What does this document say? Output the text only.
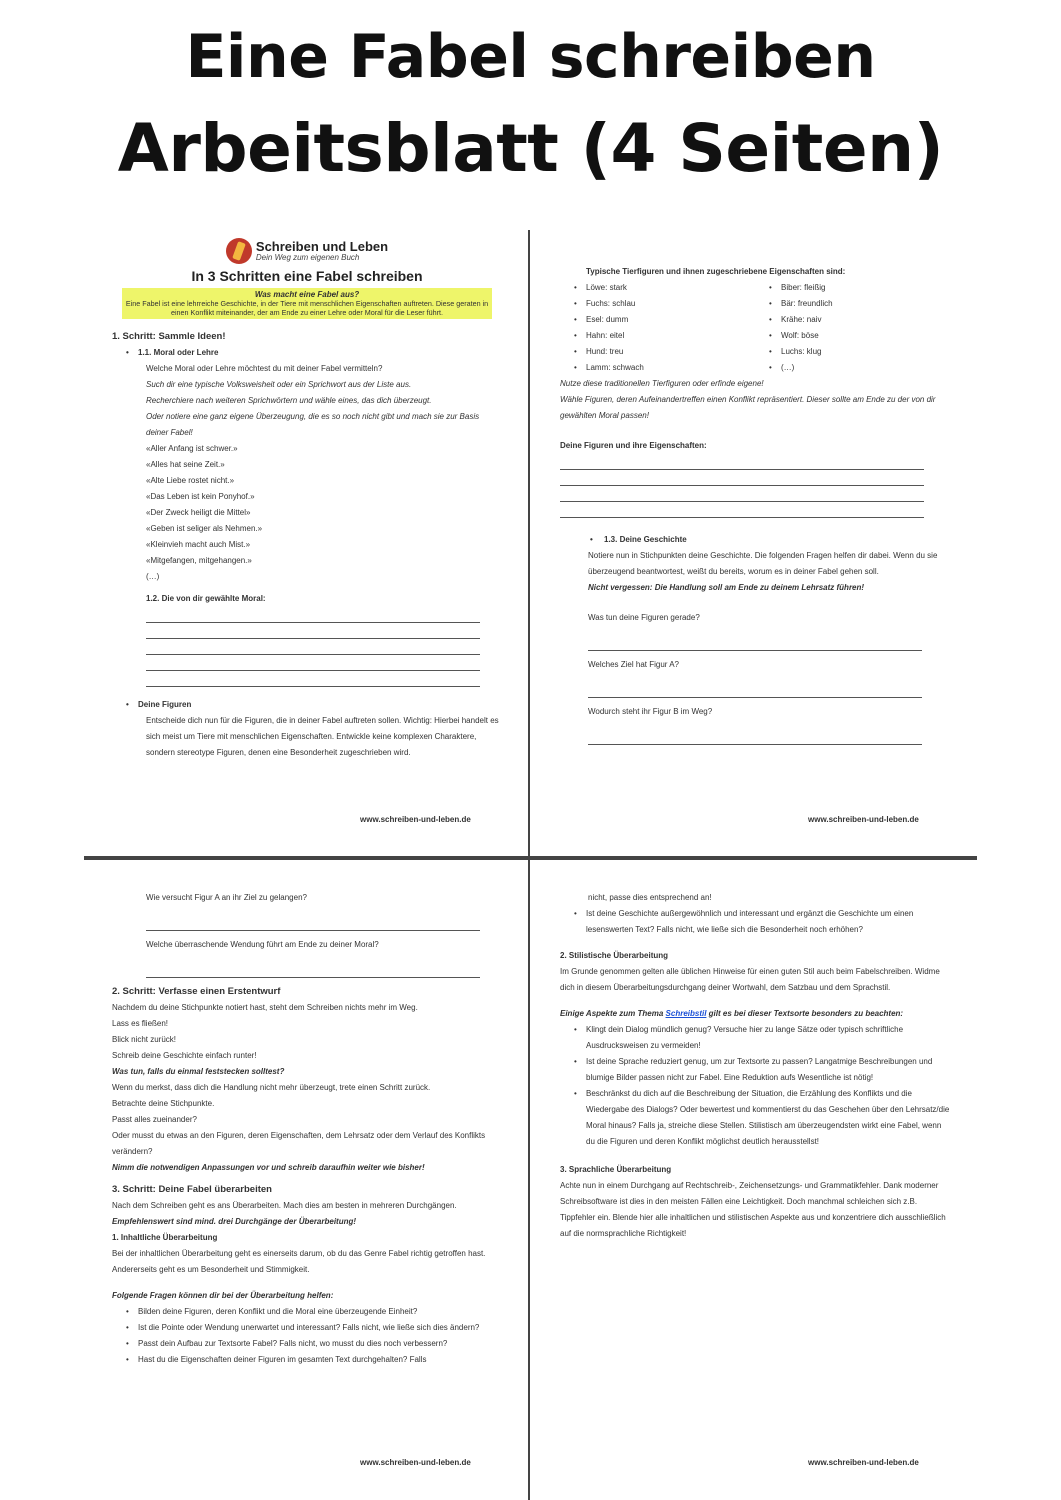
Eine Fabel schreiben
Arbeitsblatt (4 Seiten)
Schreiben und Leben
Dein Weg zum eigenen Buch
In 3 Schritten eine Fabel schreiben
Was macht eine Fabel aus?
Eine Fabel ist eine lehrreiche Geschichte, in der Tiere mit menschlichen Eigenschaften auftreten. Diese geraten in einen Konflikt miteinander, der am Ende zu einer Lehre oder Moral für die Leser führt.

1. Schritt: Sammle Ideen!

• 1.1. Moral oder Lehre

Welche Moral oder Lehre möchtest du mit deiner Fabel vermitteln?

Such dir eine typische Volksweisheit oder ein Sprichwort aus der Liste aus.

Recherchiere nach weiteren Sprichwörtern und wähle eines, das dich überzeugt.

Oder notiere eine ganz eigene Überzeugung, die es so noch nicht gibt und mach sie zur Basis deiner Fabel!

«Aller Anfang ist schwer.»

«Alles hat seine Zeit.»

«Alte Liebe rostet nicht.»

«Das Leben ist kein Ponyhof.»

«Der Zweck heiligt die Mittel»

«Geben ist seliger als Nehmen.»

«Kleinvieh macht auch Mist.»

«Mitgefangen, mitgehangen.»

(…)

1.2. Die von dir gewählte Moral:

• Deine Figuren

Entscheide dich nun für die Figuren, die in deiner Fabel auftreten sollen. Wichtig: Hierbei handelt es sich meist um Tiere mit menschlichen Eigenschaften. Entwickle keine komplexen Charaktere, sondern stereotype Figuren, denen eine Besonderheit zugeschrieben wird.

www.schreiben-und-leben.de

Typische Tierfiguren und ihnen zugeschriebene Eigenschaften sind:

• Löwe: stark

• Fuchs: schlau

• Esel: dumm

• Hahn: eitel

• Hund: treu

• Lamm: schwach

• Biber: fleißig

• Bär: freundlich

• Krähe: naiv

• Wolf: böse

• Luchs: klug

• (…)

Nutze diese traditionellen Tierfiguren oder erfinde eigene!

Wähle Figuren, deren Aufeinandertreffen einen Konflikt repräsentiert. Dieser sollte am Ende zu der von dir gewählten Moral passen!

Deine Figuren und ihre Eigenschaften:

• 1.3. Deine Geschichte

Notiere nun in Stichpunkten deine Geschichte. Die folgenden Fragen helfen dir dabei. Wenn du sie überzeugend beantwortest, weißt du bereits, worum es in deiner Fabel gehen soll.

Nicht vergessen: Die Handlung soll am Ende zu deinem Lehrsatz führen!

Was tun deine Figuren gerade?

Welches Ziel hat Figur A?

Wodurch steht ihr Figur B im Weg?

www.schreiben-und-leben.de

Wie versucht Figur A an ihr Ziel zu gelangen?

Welche überraschende Wendung führt am Ende zu deiner Moral?

2. Schritt: Verfasse einen Erstentwurf

Nachdem du deine Stichpunkte notiert hast, steht dem Schreiben nichts mehr im Weg.

Lass es fließen!

Blick nicht zurück!

Schreib deine Geschichte einfach runter!

Was tun, falls du einmal feststecken solltest?

Wenn du merkst, dass dich die Handlung nicht mehr überzeugt, trete einen Schritt zurück.

Betrachte deine Stichpunkte.

Passt alles zueinander?

Oder musst du etwas an den Figuren, deren Eigenschaften, dem Lehrsatz oder dem Verlauf des Konflikts verändern?

Nimm die notwendigen Anpassungen vor und schreib daraufhin weiter wie bisher!

3. Schritt: Deine Fabel überarbeiten

Nach dem Schreiben geht es ans Überarbeiten. Mach dies am besten in mehreren Durchgängen.

Empfehlenswert sind mind. drei Durchgänge der Überarbeitung!

1. Inhaltliche Überarbeitung

Bei der inhaltlichen Überarbeitung geht es einerseits darum, ob du das Genre Fabel richtig getroffen hast. Andererseits geht es um Besonderheit und Stimmigkeit.

Folgende Fragen können dir bei der Überarbeitung helfen:

• Bilden deine Figuren, deren Konflikt und die Moral eine überzeugende Einheit?

• Ist die Pointe oder Wendung unerwartet und interessant? Falls nicht, wie ließe sich dies ändern?

• Passt dein Aufbau zur Textsorte Fabel? Falls nicht, wo musst du dies noch verbessern?

• Hast du die Eigenschaften deiner Figuren im gesamten Text durchgehalten? Falls

www.schreiben-und-leben.de

nicht, passe dies entsprechend an!

• Ist deine Geschichte außergewöhnlich und interessant und ergänzt die Geschichte um einen lesenswerten Text? Falls nicht, wie ließe sich die Besonderheit noch erhöhen?

2. Stilistische Überarbeitung

Im Grunde genommen gelten alle üblichen Hinweise für einen guten Stil auch beim Fabelschreiben. Widme dich in diesem Überarbeitungsdurchgang deiner Wortwahl, dem Satzbau und dem Sprachstil.

Einige Aspekte zum Thema Schreibstil gilt es bei dieser Textsorte besonders zu beachten:

• Klingt dein Dialog mündlich genug? Versuche hier zu lange Sätze oder typisch schriftliche Ausdrucksweisen zu vermeiden!

• Ist deine Sprache reduziert genug, um zur Textsorte zu passen? Langatmige Beschreibungen und blumige Bilder passen nicht zur Fabel. Eine Reduktion aufs Wesentliche ist nötig!

• Beschränkst du dich auf die Beschreibung der Situation, die Erzählung des Konflikts und die Wiedergabe des Dialogs? Oder bewertest und kommentierst du das Geschehen über den Lehrsatz/die Moral hinaus? Falls ja, streiche diese Stellen. Stilistisch am überzeugendsten wirkt eine Fabel, wenn du die Figuren und deren Konflikt möglichst deutlich herausstellst!

3. Sprachliche Überarbeitung

Achte nun in einem Durchgang auf Rechtschreib-, Zeichensetzungs- und Grammatikfehler. Dank moderner Schreibsoftware ist dies in den meisten Fällen eine Leichtigkeit. Doch manchmal schleichen sich z.B. Tippfehler ein. Blende hier alle inhaltlichen und stilistischen Aspekte aus und konzentriere dich ausschließlich auf die normsprachliche Richtigkeit!

www.schreiben-und-leben.de
